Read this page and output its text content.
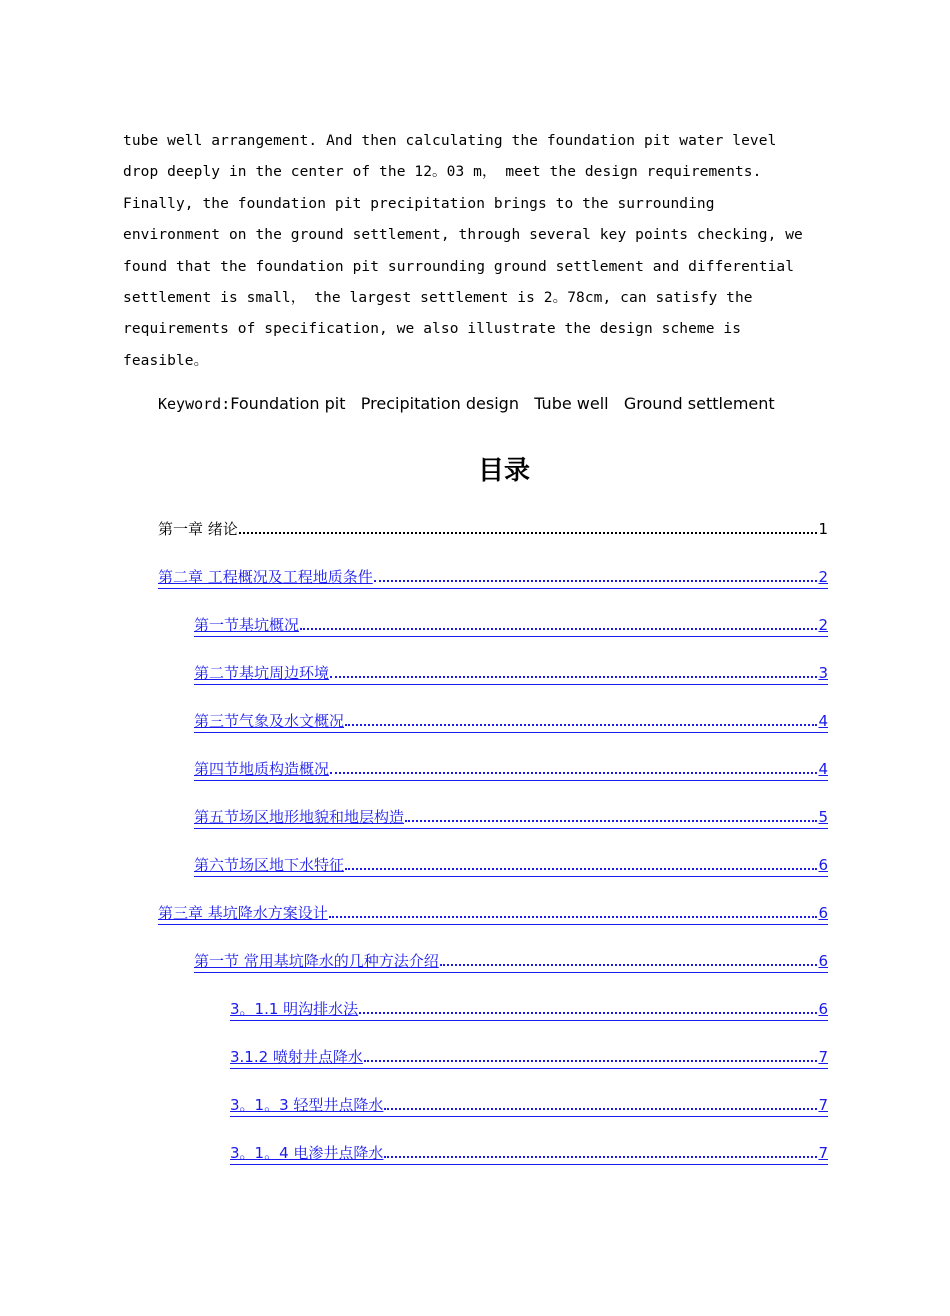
tube well arrangement. And then calculating the foundation pit water level
drop deeply in the center of the 12。03 m， meet the design requirements.
Finally, the foundation pit precipitation brings to the surrounding
environment on the ground settlement, through several key points checking, we
found that the foundation pit surrounding ground settlement and differential
settlement is small， the largest settlement is 2。78cm, can satisfy the
requirements of specification, we also illustrate the design scheme is
feasible。
Keyword:Foundation pit   Precipitation design   Tube well   Ground settlement
目录
第一章 绪论	1
第二章 工程概况及工程地质条件	2
第一节基坑概况	2
第二节基坑周边环境	3
第三节气象及水文概况	4
第四节地质构造概况	4
第五节场区地形地貌和地层构造	5
第六节场区地下水特征	6
第三章 基坑降水方案设计	6
第一节 常用基坑降水的几种方法介绍	6
3。1.1 明沟排水法	6
3.1.2 喷射井点降水	7
3。1。3 轻型井点降水	7
3。1。4 电渗井点降水	7
